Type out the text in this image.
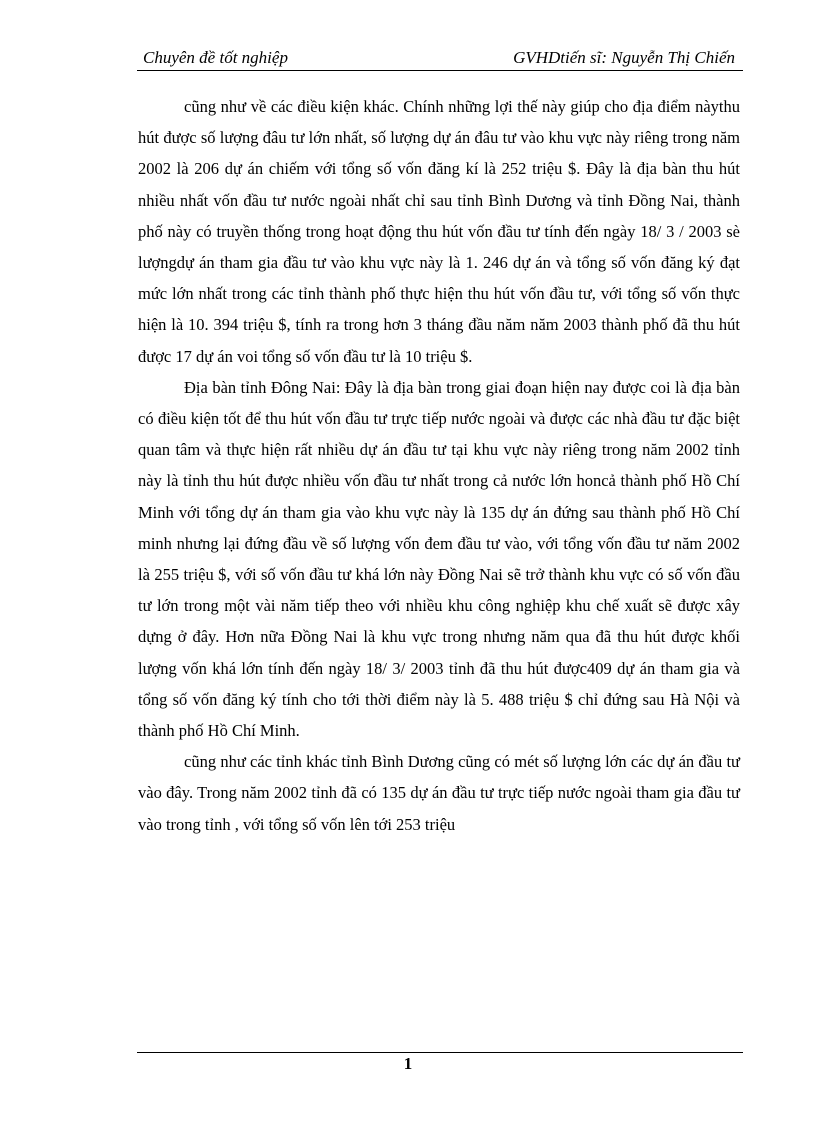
Chuyên đề tốt nghiệp	GVHDtiến sĩ: Nguyễn Thị Chiến

cũng như về các điều kiện khác. Chính những lợi thế này giúp cho địa điểm nàythu hút được số lượng đâu tư lớn nhất, số lượng dự án đâu tư vào khu vực này riêng trong năm 2002 là 206 dự án chiếm với tổng số vốn đăng kí là 252 triệu $. Đây là địa bàn thu hút nhiều nhất vốn đầu tư nước ngoài nhất chỉ sau tỉnh Bình Dương và tỉnh Đồng Nai, thành phố này có truyền thống trong hoạt động thu hút vốn đầu tư tính đến ngày 18/ 3 / 2003 sè lượngdự án tham gia đầu tư vào khu vực này là 1. 246 dự án và tổng số vốn đăng ký đạt mức lớn nhất trong các tỉnh thành phố thực hiện thu hút vốn đầu tư, với tổng số vốn thực hiện là 10. 394 triệu $, tính ra trong hơn 3 tháng đầu năm năm 2003 thành phố đã thu hút được 17 dự án voi tổng số vốn đầu tư là 10 triệu $.

Địa bàn tỉnh Đông Nai: Đây là địa bàn trong giai đoạn hiện nay được coi là địa bàn có điều kiện tốt để thu hút vốn đầu tư trực tiếp nước ngoài và được các nhà đầu tư đặc biệt quan tâm và thực hiện rất nhiều dự án đầu tư tại khu vực này riêng trong năm 2002 tỉnh này là tỉnh thu hút được nhiều vốn đầu tư nhất trong cả nước lớn honcả thành phố Hồ Chí Minh với tổng dự án tham gia vào khu vực này là 135 dự án đứng sau thành phố Hồ Chí minh nhưng lại đứng đầu về số lượng vốn đem đầu tư vào, với tổng vốn đầu tư năm 2002 là 255 triệu $, với số vốn đầu tư khá lớn này Đồng Nai sẽ trở thành khu vực có số vốn đầu tư lớn trong một vài năm tiếp theo với nhiều khu công nghiệp khu chế xuất sẽ được xây dựng ở đây. Hơn nữa Đồng Nai là khu vực trong nhưng năm qua đã thu hút được khối lượng vốn khá lớn tính đến ngày 18/ 3/ 2003 tỉnh đã thu hút được409 dự án tham gia và tổng số vốn đăng ký tính cho tới thời điểm này là 5. 488 triệu $ chỉ đứng sau Hà Nội và thành phố Hồ Chí Minh.

cũng như các tỉnh khác tỉnh Bình Dương cũng có mét số lượng lớn các dự án đầu tư vào đây. Trong năm 2002 tỉnh đã có 135 dự án đầu tư trực tiếp nước ngoài tham gia đầu tư vào trong tỉnh , với tổng số vốn lên tới 253 triệu

1
